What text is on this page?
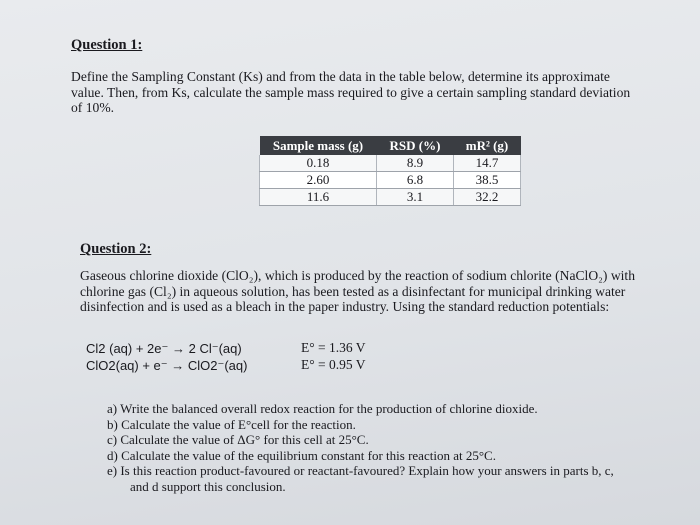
Question 1:
Define the Sampling Constant (Ks) and from the data in the table below, determine its approximate
value. Then, from Ks, calculate the sample mass required to give a certain sampling standard deviation
of 10%.
Sample mass (g)	RSD (%)	mR² (g)
0.18	8.9	14.7
2.60	6.8	38.5
11.6	3.1	32.2
Question 2:
Gaseous chlorine dioxide (ClO₂), which is produced by the reaction of sodium chlorite (NaClO₂) with
chlorine gas (Cl₂) in aqueous solution, has been tested as a disinfectant for municipal drinking water
disinfection and is used as a bleach in the paper industry. Using the standard reduction potentials:
Cl2 (aq) + 2e⁻ → 2 Cl⁻(aq)	E° = 1.36 V
ClO2(aq) + e⁻ → ClO2⁻(aq)	E° = 0.95 V
a) Write the balanced overall redox reaction for the production of chlorine dioxide.
b) Calculate the value of E°cell for the reaction.
c) Calculate the value of ΔG° for this cell at 25°C.
d) Calculate the value of the equilibrium constant for this reaction at 25°C.
e) Is this reaction product-favoured or reactant-favoured? Explain how your answers in parts b, c,
and d support this conclusion.
